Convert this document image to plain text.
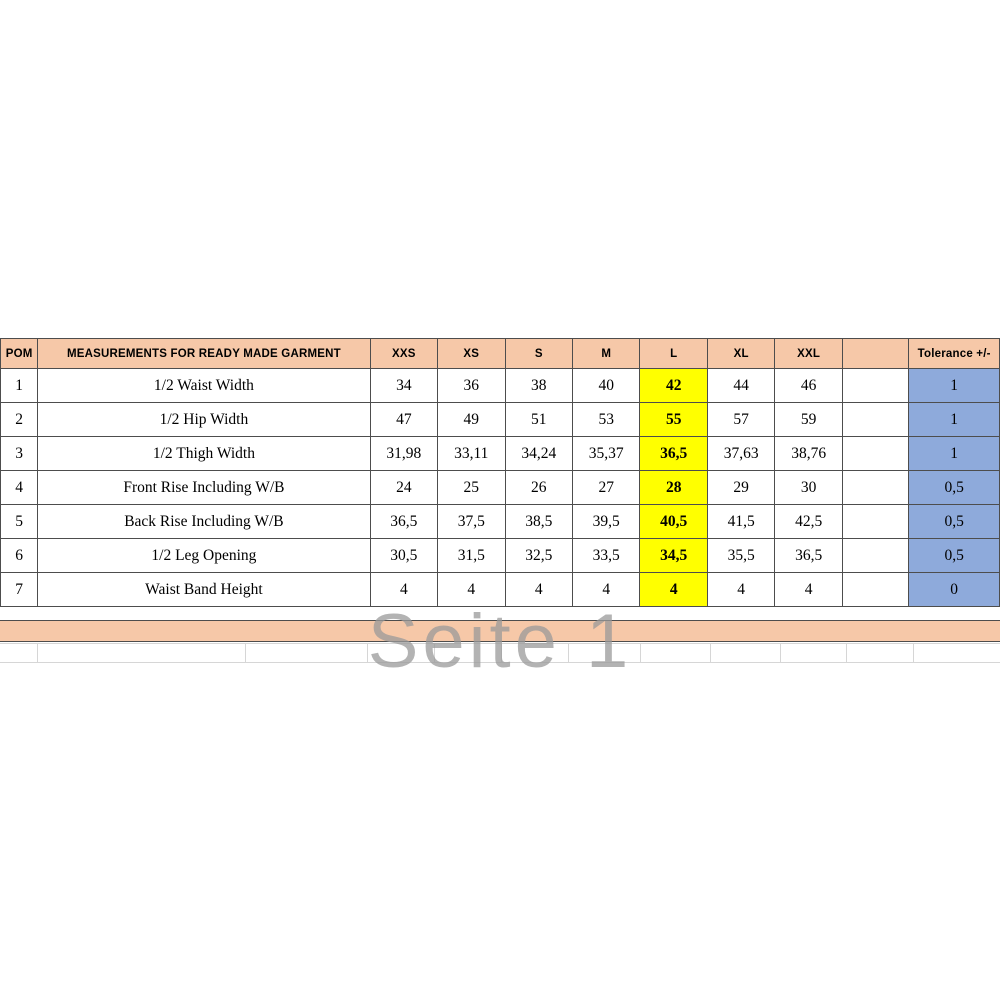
POM	MEASUREMENTS FOR READY MADE GARMENT	XXS	XS	S	M	L	XL	XXL		Tolerance +/-
1	1/2 Waist Width	34	36	38	40	42	44	46		1
2	1/2 Hip Width	47	49	51	53	55	57	59		1
3	1/2 Thigh Width	31,98	33,11	34,24	35,37	36,5	37,63	38,76		1
4	Front Rise Including W/B	24	25	26	27	28	29	30		0,5
5	Back Rise Including W/B	36,5	37,5	38,5	39,5	40,5	41,5	42,5		0,5
6	1/2 Leg Opening	30,5	31,5	32,5	33,5	34,5	35,5	36,5		0,5
7	Waist Band Height	4	4	4	4	4	4	4		0
Seite 1
